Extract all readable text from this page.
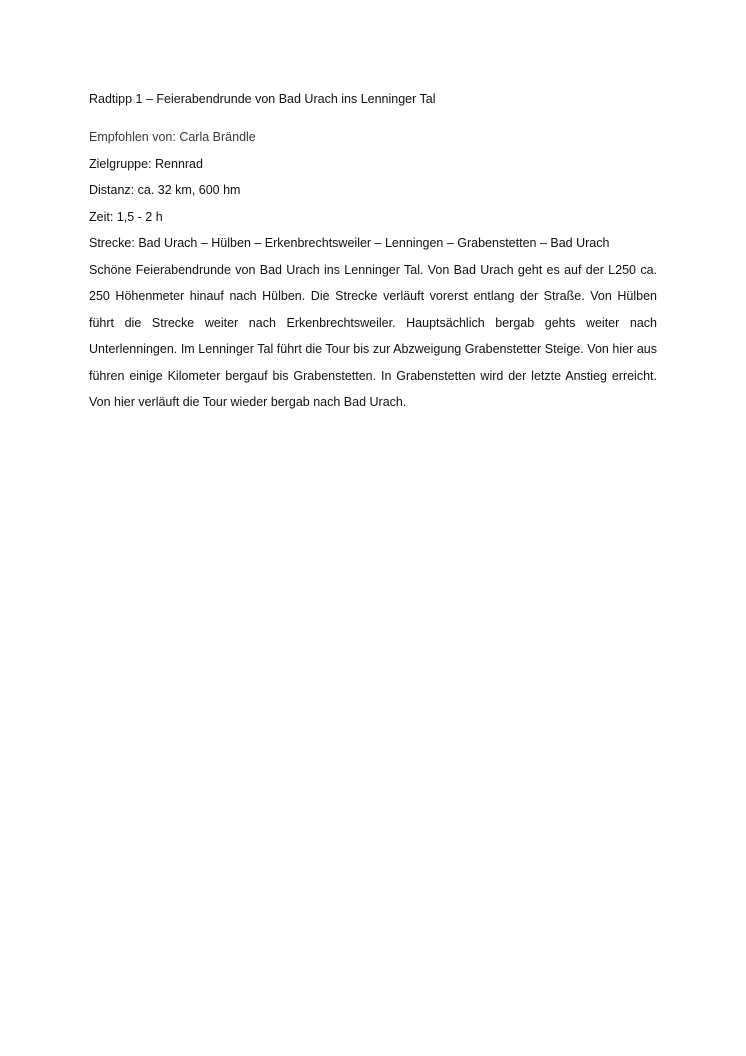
Radtipp 1 – Feierabendrunde von Bad Urach ins Lenninger Tal

Empfohlen von: Carla Brändle

Zielgruppe: Rennrad

Distanz: ca. 32 km, 600 hm

Zeit: 1,5 - 2 h

Strecke: Bad Urach – Hülben – Erkenbrechtsweiler – Lenningen – Grabenstetten – Bad Urach

Schöne Feierabendrunde von Bad Urach ins Lenninger Tal. Von Bad Urach geht es auf der L250 ca. 250 Höhenmeter hinauf nach Hülben. Die Strecke verläuft vorerst entlang der Straße. Von Hülben führt die Strecke weiter nach Erkenbrechtsweiler. Hauptsächlich bergab gehts weiter nach Unterlenningen. Im Lenninger Tal führt die Tour bis zur Abzweigung Grabenstetter Steige. Von hier aus führen einige Kilometer bergauf bis Grabenstetten. In Grabenstetten wird der letzte Anstieg erreicht. Von hier verläuft die Tour wieder bergab nach Bad Urach.
